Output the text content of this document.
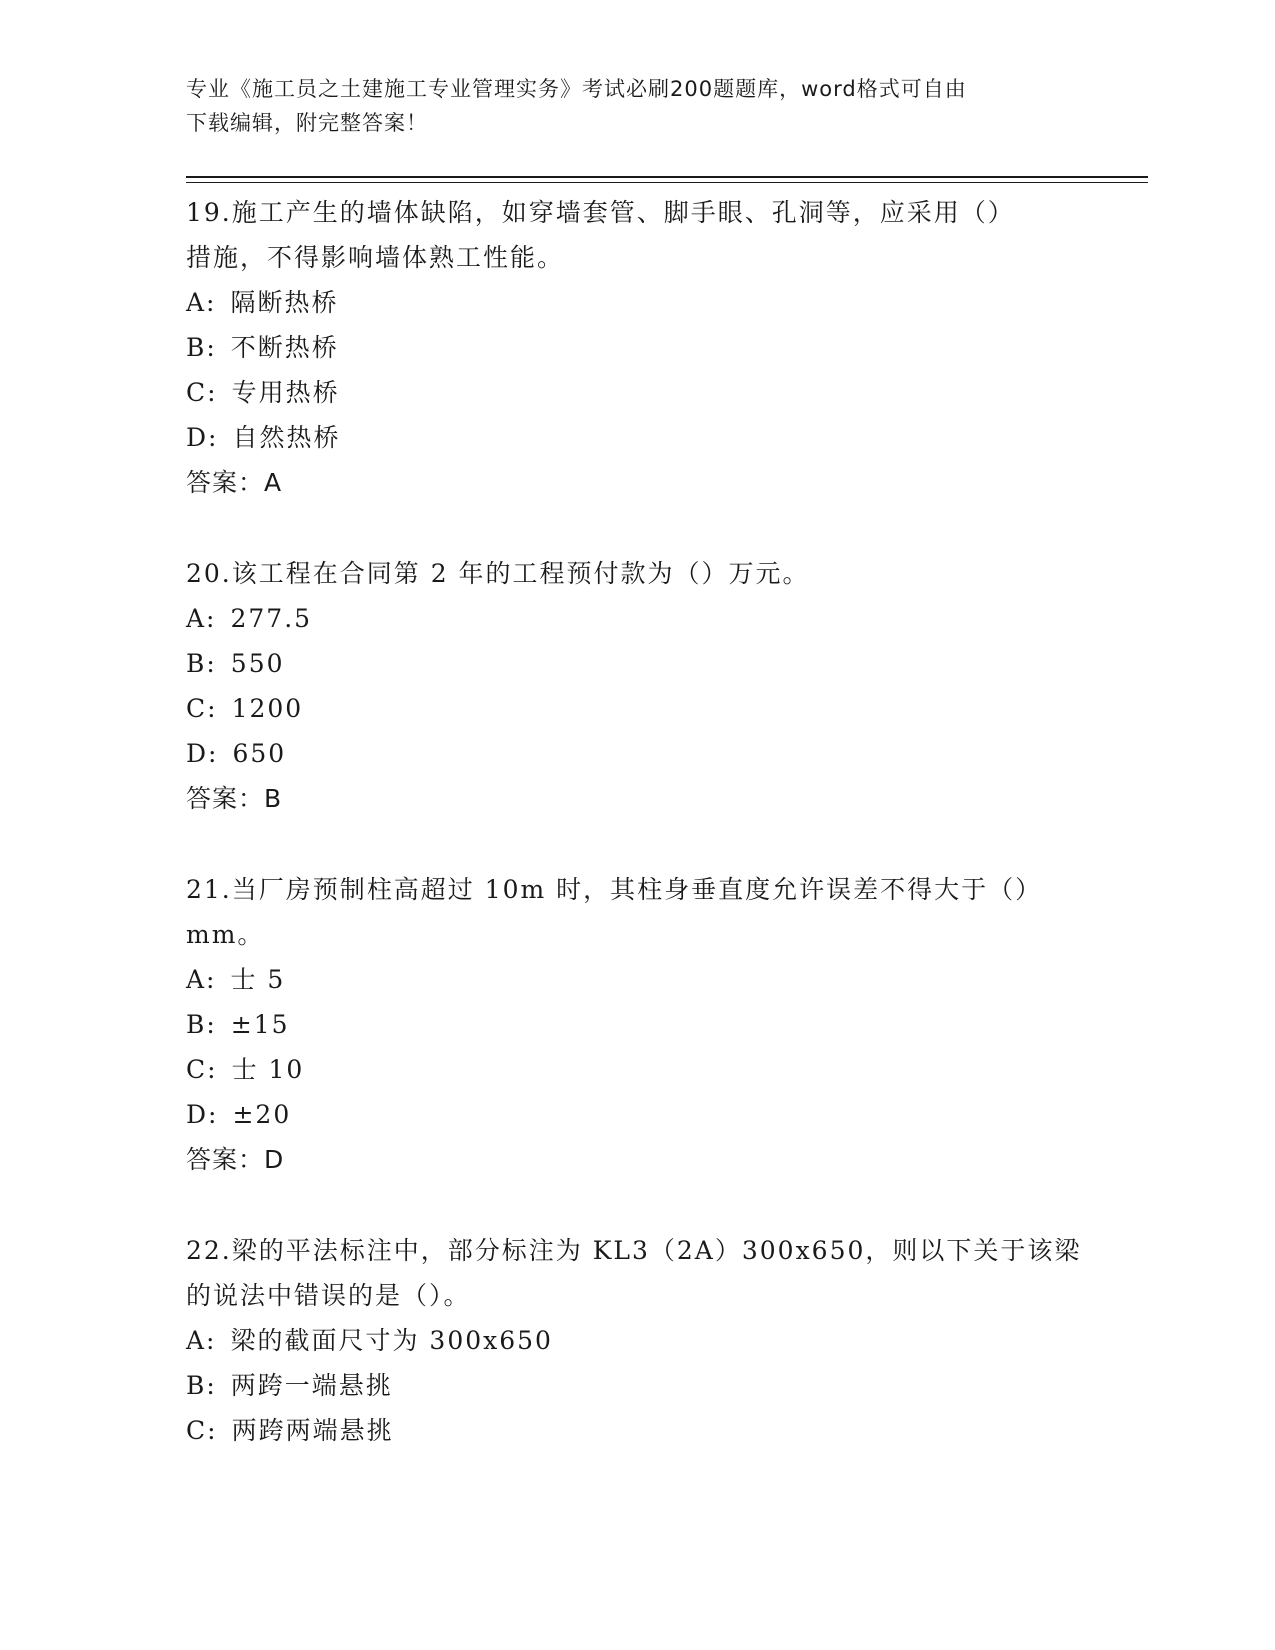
专业《施工员之土建施工专业管理实务》考试必刷200题题库，word格式可自由
下载编辑，附完整答案！
19.施工产生的墙体缺陷，如穿墙套管、脚手眼、孔洞等，应采用（）
措施，不得影响墙体熟工性能。
A: 隔断热桥
B: 不断热桥
C: 专用热桥
D: 自然热桥
答案：A
20.该工程在合同第 2 年的工程预付款为（）万元。
A: 277.5
B: 550
C: 1200
D: 650
答案：B
21.当厂房预制柱高超过 10m 时，其柱身垂直度允许误差不得大于（）
mm。
A: 士 5
B: ±15
C: 士 10
D: ±20
答案：D
22.梁的平法标注中，部分标注为 KL3（2A）300x650，则以下关于该梁
的说法中错误的是（）。
A: 梁的截面尺寸为 300x650
B: 两跨一端悬挑
C: 两跨两端悬挑
